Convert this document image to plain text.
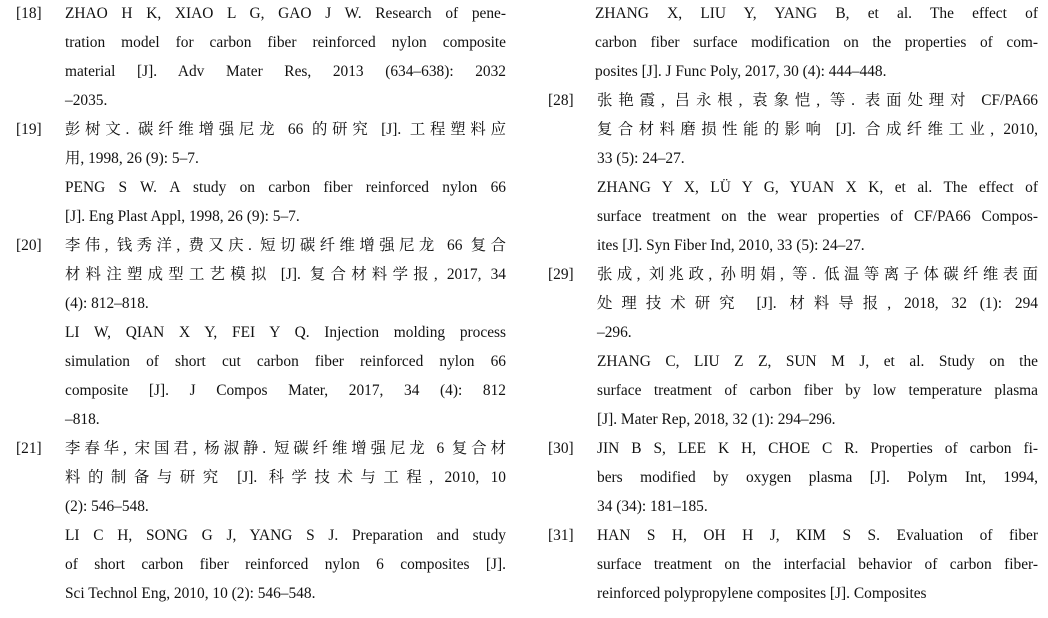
[18] ZHAO H K, XIAO L G, GAO J W. Research of pene-
tration model for carbon fiber reinforced nylon composite
material [J]. Adv Mater Res, 2013 (634–638): 2032
–2035.
[19] 彭树文. 碳纤维增强尼龙 66 的研究 [J]. 工程塑料应
用, 1998, 26 (9): 5–7.
PENG S W. A study on carbon fiber reinforced nylon 66
[J]. Eng Plast Appl, 1998, 26 (9): 5–7.
[20] 李伟, 钱秀洋, 费又庆. 短切碳纤维增强尼龙 66 复合
材料注塑成型工艺模拟 [J]. 复合材料学报, 2017, 34
(4): 812–818.
LI W, QIAN X Y, FEI Y Q. Injection molding process
simulation of short cut carbon fiber reinforced nylon 66
composite [J]. J Compos Mater, 2017, 34 (4): 812
–818.
[21] 李春华, 宋国君, 杨淑静. 短碳纤维增强尼龙 6 复合材
料的制备与研究 [J]. 科学技术与工程, 2010, 10
(2): 546–548.
LI C H, SONG G J, YANG S J. Preparation and study
of short carbon fiber reinforced nylon 6 composites [J].
Sci Technol Eng, 2010, 10 (2): 546–548.
ZHANG X, LIU Y, YANG B, et al. The effect of
carbon fiber surface modification on the properties of com-
posites [J]. J Func Poly, 2017, 30 (4): 444–448.
[28] 张艳霞, 吕永根, 袁象恺, 等. 表面处理对 CF/PA66
复合材料磨损性能的影响 [J]. 合成纤维工业, 2010,
33 (5): 24–27.
ZHANG Y X, LÜ Y G, YUAN X K, et al. The effect of
surface treatment on the wear properties of CF/PA66 Compos-
ites [J]. Syn Fiber Ind, 2010, 33 (5): 24–27.
[29] 张成, 刘兆政, 孙明娟, 等. 低温等离子体碳纤维表面
处理技术研究 [J]. 材料导报, 2018, 32 (1): 294
–296.
ZHANG C, LIU Z Z, SUN M J, et al. Study on the
surface treatment of carbon fiber by low temperature plasma
[J]. Mater Rep, 2018, 32 (1): 294–296.
[30] JIN B S, LEE K H, CHOE C R. Properties of carbon fi-
bers modified by oxygen plasma [J]. Polym Int, 1994,
34 (34): 181–185.
[31] HAN S H, OH H J, KIM S S. Evaluation of fiber
surface treatment on the interfacial behavior of carbon fiber-
reinforced polypropylene composites [J]. Composites
